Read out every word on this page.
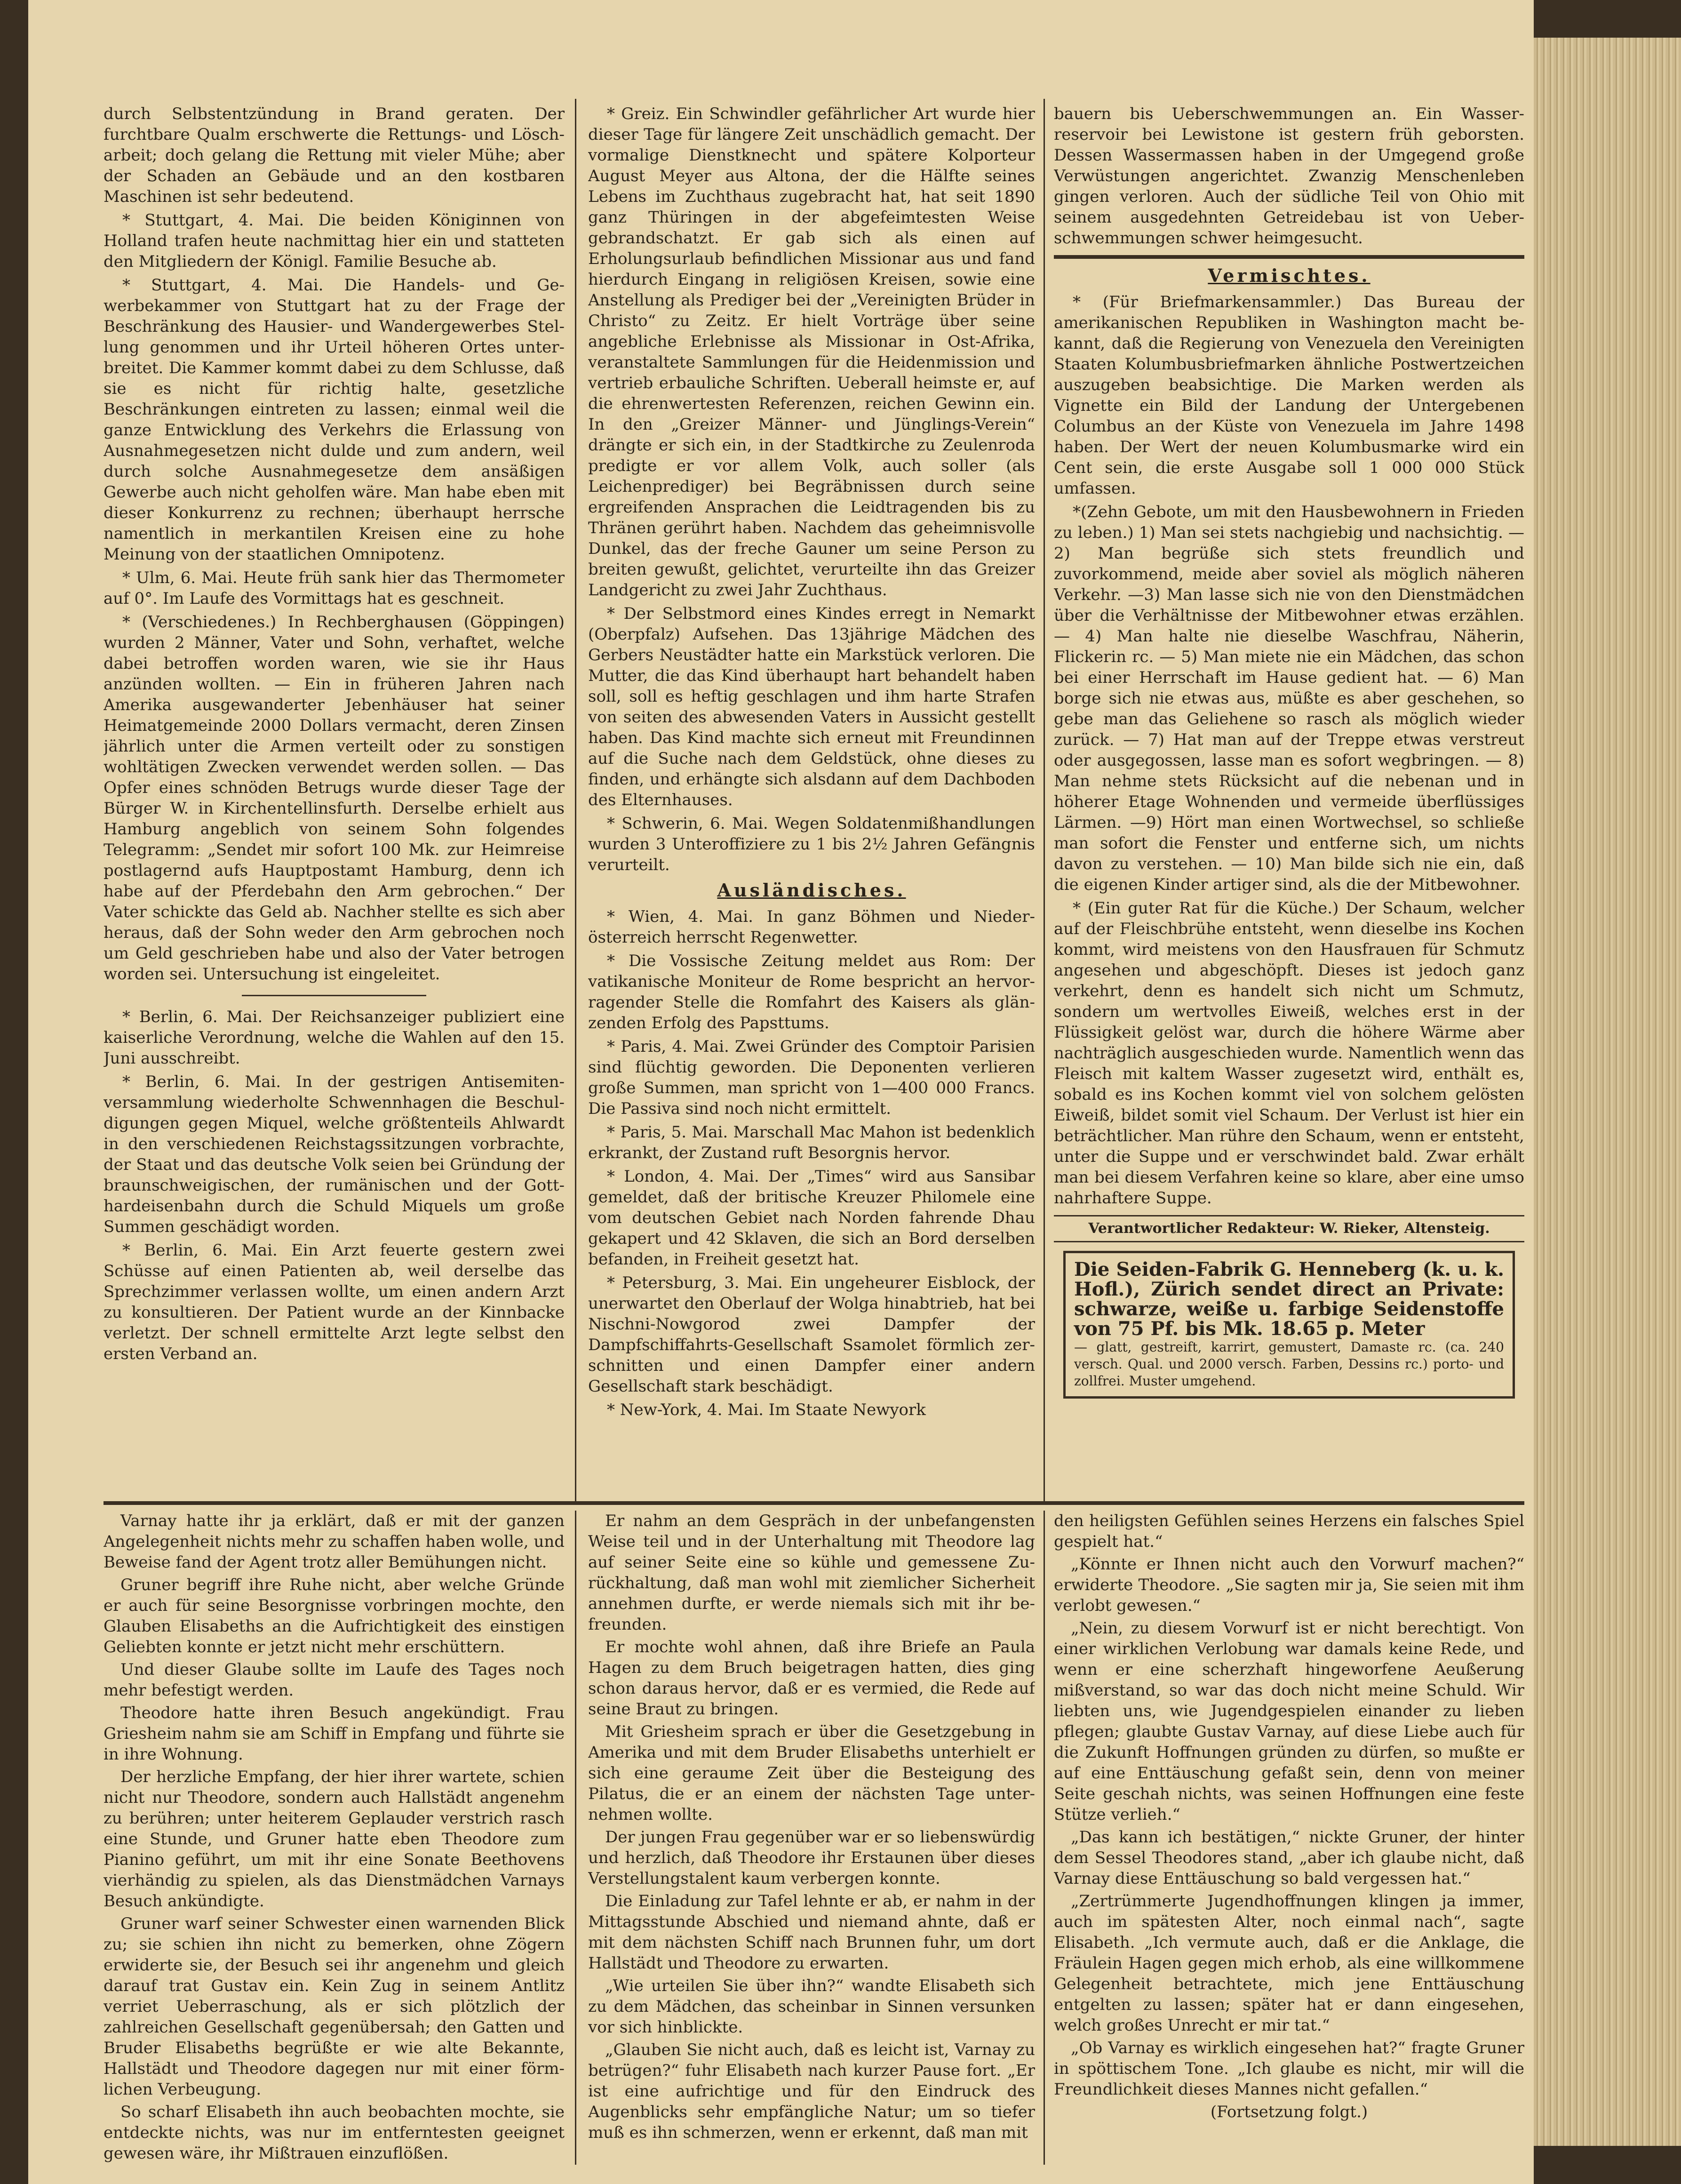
durch Selbstentzündung in Brand geraten. Der furchtbare Qualm erschwerte die Rettungs- und Löscharbeit; doch gelang die Rettung mit vieler Mühe; aber der Schaden an Gebäude und an den kostbaren Maschinen ist sehr bedeutend.

* Stuttgart, 4. Mai. Die beiden Königinnen von Holland trafen heute nachmittag hier ein und statteten den Mitgliedern der Königl. Familie Besuche ab.

* Stuttgart, 4. Mai. Die Handels- und Gewerbekammer von Stuttgart hat zu der Frage der Beschränkung des Hausier- und Wandergewerbes Stellung genommen und ihr Urteil höheren Ortes unterbreitet. Die Kammer kommt dabei zu dem Schlusse, daß sie es nicht für richtig halte, gesetzliche Beschränkungen eintreten zu lassen; einmal weil die ganze Entwicklung des Verkehrs die Erlassung von Ausnahmegesetzen nicht dulde und zum andern, weil durch solche Ausnahmegesetze dem ansäßigen Gewerbe auch nicht geholfen wäre. Man habe eben mit dieser Konkurrenz zu rechnen; überhaupt herrsche namentlich in merkantilen Kreisen eine zu hohe Meinung von der staatlichen Omnipotenz.

* Ulm, 6. Mai. Heute früh sank hier das Thermometer auf 0°. Im Laufe des Vormittags hat es geschneit.

* (Verschiedenes.) In Rechberghausen (Göppingen) wurden 2 Männer, Vater und Sohn, verhaftet, welche dabei betroffen worden waren, wie sie ihr Haus anzünden wollten. — Ein in früheren Jahren nach Amerika ausgewanderter Jebenhäuser hat seiner Heimatgemeinde 2000 Dollars vermacht, deren Zinsen jährlich unter die Armen verteilt oder zu sonstigen wohltätigen Zwecken verwendet werden sollen. — Das Opfer eines schnöden Betrugs wurde dieser Tage der Bürger W. in Kirchentellinsfurth. Derselbe erhielt aus Hamburg angeblich von seinem Sohn folgendes Telegramm: „Sendet mir sofort 100 Mk. zur Heimreise postlagernd aufs Hauptpostamt Hamburg, denn ich habe auf der Pferdebahn den Arm gebrochen.“ Der Vater schickte das Geld ab. Nachher stellte es sich aber heraus, daß der Sohn weder den Arm gebrochen noch um Geld geschrieben habe und also der Vater betrogen worden sei. Untersuchung ist eingeleitet.

* Berlin, 6. Mai. Der Reichsanzeiger publiziert eine kaiserliche Verordnung, welche die Wahlen auf den 15. Juni ausschreibt.

* Berlin, 6. Mai. In der gestrigen Antisemitenversammlung wiederholte Schwennhagen die Beschuldigungen gegen Miquel, welche größtenteils Ahlwardt in den verschiedenen Reichstagssitzungen vorbrachte, der Staat und das deutsche Volk seien bei Gründung der braunschweigischen, der rumänischen und der Gotthardeisenbahn durch die Schuld Miquels um große Summen geschädigt worden.

* Berlin, 6. Mai. Ein Arzt feuerte gestern zwei Schüsse auf einen Patienten ab, weil derselbe das Sprechzimmer verlassen wollte, um einen andern Arzt zu konsultieren. Der Patient wurde an der Kinnbacke verletzt. Der schnell ermittelte Arzt legte selbst den ersten Verband an.

* Greiz. Ein Schwindler gefährlicher Art wurde hier dieser Tage für längere Zeit unschädlich gemacht. Der vormalige Dienstknecht und spätere Kolporteur August Meyer aus Altona, der die Hälfte seines Lebens im Zuchthaus zugebracht hat, hat seit 1890 ganz Thüringen in der abgefeimtesten Weise gebrandschatzt. Er gab sich als einen auf Erholungsurlaub befindlichen Missionar aus und fand hierdurch Eingang in religiösen Kreisen, sowie eine Anstellung als Prediger bei der „Vereinigten Brüder in Christo“ zu Zeitz. Er hielt Vorträge über seine angebliche Erlebnisse als Missionar in Ost-Afrika, veranstaltete Sammlungen für die Heidenmission und vertrieb erbauliche Schriften. Ueberall heimste er, auf die ehrenwertesten Referenzen, reichen Gewinn ein. In den „Greizer Männer- und Jünglings-Verein“ drängte er sich ein, in der Stadtkirche zu Zeulenroda predigte er vor allem Volk, auch soller (als Leichenprediger) bei Begräbnissen durch seine ergreifenden Ansprachen die Leidtragenden bis zu Thränen gerührt haben. Nachdem das geheimnisvolle Dunkel, das der freche Gauner um seine Person zu breiten gewußt, gelichtet, verurteilte ihn das Greizer Landgericht zu zwei Jahr Zuchthaus.

* Der Selbstmord eines Kindes erregt in Nemarkt (Oberpfalz) Aufsehen. Das 13jährige Mädchen des Gerbers Neustädter hatte ein Markstück verloren. Die Mutter, die das Kind überhaupt hart behandelt haben soll, soll es heftig geschlagen und ihm harte Strafen von seiten des abwesenden Vaters in Aussicht gestellt haben. Das Kind machte sich erneut mit Freundinnen auf die Suche nach dem Geldstück, ohne dieses zu finden, und erhängte sich alsdann auf dem Dachboden des Elternhauses.

* Schwerin, 6. Mai. Wegen Soldatenmißhandlungen wurden 3 Unteroffiziere zu 1 bis 2½ Jahren Gefängnis verurteilt.

Ausländisches.

* Wien, 4. Mai. In ganz Böhmen und Niederösterreich herrscht Regenwetter.

* Die Vossische Zeitung meldet aus Rom: Der vatikanische Moniteur de Rome bespricht an hervorragender Stelle die Romfahrt des Kaisers als glänzenden Erfolg des Papsttums.

* Paris, 4. Mai. Zwei Gründer des Comptoir Parisien sind flüchtig geworden. Die Deponenten verlieren große Summen, man spricht von 1—400 000 Francs. Die Passiva sind noch nicht ermittelt.

* Paris, 5. Mai. Marschall Mac Mahon ist bedenklich erkrankt, der Zustand ruft Besorgnis hervor.

* London, 4. Mai. Der „Times“ wird aus Sansibar gemeldet, daß der britische Kreuzer Philomele eine vom deutschen Gebiet nach Norden fahrende Dhau gekapert und 42 Sklaven, die sich an Bord derselben befanden, in Freiheit gesetzt hat.

* Petersburg, 3. Mai. Ein ungeheurer Eisblock, der unerwartet den Oberlauf der Wolga hinabtrieb, hat bei Nischni-Nowgorod zwei Dampfer der Dampfschiffahrts-Gesellschaft Ssamolet förmlich zerschnitten und einen Dampfer einer andern Gesellschaft stark beschädigt.

* New-York, 4. Mai. Im Staate Newyork

bauern bis Ueberschwemmungen an. Ein Wasserreservoir bei Lewistone ist gestern früh geborsten. Dessen Wassermassen haben in der Umgegend große Verwüstungen angerichtet. Zwanzig Menschenleben gingen verloren. Auch der südliche Teil von Ohio mit seinem ausgedehnten Getreidebau ist von Ueberschwemmungen schwer heimgesucht.

Vermischtes.

* (Für Briefmarkensammler.) Das Bureau der amerikanischen Republiken in Washington macht bekannt, daß die Regierung von Venezuela den Vereinigten Staaten Kolumbusbriefmarken ähnliche Postwertzeichen auszugeben beabsichtige. Die Marken werden als Vignette ein Bild der Landung der Untergebenen Columbus an der Küste von Venezuela im Jahre 1498 haben. Der Wert der neuen Kolumbusmarke wird ein Cent sein, die erste Ausgabe soll 1 000 000 Stück umfassen.

*(Zehn Gebote, um mit den Hausbewohnern in Frieden zu leben.) 1) Man sei stets nachgiebig und nachsichtig. — 2) Man begrüße sich stets freundlich und zuvorkommend, meide aber soviel als möglich näheren Verkehr. —3) Man lasse sich nie von den Dienstmädchen über die Verhältnisse der Mitbewohner etwas erzählen. — 4) Man halte nie dieselbe Waschfrau, Näherin, Flickerin rc. — 5) Man miete nie ein Mädchen, das schon bei einer Herrschaft im Hause gedient hat. — 6) Man borge sich nie etwas aus, müßte es aber geschehen, so gebe man das Geliehene so rasch als möglich wieder zurück. — 7) Hat man auf der Treppe etwas verstreut oder ausgegossen, lasse man es sofort wegbringen. — 8) Man nehme stets Rücksicht auf die nebenan und in höherer Etage Wohnenden und vermeide überflüssiges Lärmen. —9) Hört man einen Wortwechsel, so schließe man sofort die Fenster und entferne sich, um nichts davon zu verstehen. — 10) Man bilde sich nie ein, daß die eigenen Kinder artiger sind, als die der Mitbewohner.

* (Ein guter Rat für die Küche.) Der Schaum, welcher auf der Fleischbrühe entsteht, wenn dieselbe ins Kochen kommt, wird meistens von den Hausfrauen für Schmutz angesehen und abgeschöpft. Dieses ist jedoch ganz verkehrt, denn es handelt sich nicht um Schmutz, sondern um wertvolles Eiweiß, welches erst in der Flüssigkeit gelöst war, durch die höhere Wärme aber nachträglich ausgeschieden wurde. Namentlich wenn das Fleisch mit kaltem Wasser zugesetzt wird, enthält es, sobald es ins Kochen kommt viel von solchem gelösten Eiweiß, bildet somit viel Schaum. Der Verlust ist hier ein beträchtlicher. Man rühre den Schaum, wenn er entsteht, unter die Suppe und er verschwindet bald. Zwar erhält man bei diesem Verfahren keine so klare, aber eine umso nahrhaftere Suppe.

Verantwortlicher Redakteur: W. Rieker, Altensteig.
Die Seiden-Fabrik G. Henneberg (k. u. k. Hofl.), Zürich sendet direct an Private: schwarze, weiße u. farbige Seidenstoffe von 75 Pf. bis Mk. 18.65 p. Meter
— glatt, gestreift, karrirt, gemustert, Damaste rc. (ca. 240 versch. Qual. und 2000 versch. Farben, Dessins rc.) porto- und zollfrei. Muster umgehend.

Varnay hatte ihr ja erklärt, daß er mit der ganzen Angelegenheit nichts mehr zu schaffen haben wolle, und Beweise fand der Agent trotz aller Bemühungen nicht.

Gruner begriff ihre Ruhe nicht, aber welche Gründe er auch für seine Besorgnisse vorbringen mochte, den Glauben Elisabeths an die Aufrichtigkeit des einstigen Geliebten konnte er jetzt nicht mehr erschüttern.

Und dieser Glaube sollte im Laufe des Tages noch mehr befestigt werden.

Theodore hatte ihren Besuch angekündigt. Frau Griesheim nahm sie am Schiff in Empfang und führte sie in ihre Wohnung.

Der herzliche Empfang, der hier ihrer wartete, schien nicht nur Theodore, sondern auch Hallstädt angenehm zu berühren; unter heiterem Geplauder verstrich rasch eine Stunde, und Gruner hatte eben Theodore zum Pianino geführt, um mit ihr eine Sonate Beethovens vierhändig zu spielen, als das Dienstmädchen Varnays Besuch ankündigte.

Gruner warf seiner Schwester einen warnenden Blick zu; sie schien ihn nicht zu bemerken, ohne Zögern erwiderte sie, der Besuch sei ihr angenehm und gleich darauf trat Gustav ein. Kein Zug in seinem Antlitz verriet Ueberraschung, als er sich plötzlich der zahlreichen Gesellschaft gegenübersah; den Gatten und Bruder Elisabeths begrüßte er wie alte Bekannte, Hallstädt und Theodore dagegen nur mit einer förmlichen Verbeugung.

So scharf Elisabeth ihn auch beobachten mochte, sie entdeckte nichts, was nur im entferntesten geeignet gewesen wäre, ihr Mißtrauen einzuflößen.

Er nahm an dem Gespräch in der unbefangensten Weise teil und in der Unterhaltung mit Theodore lag auf seiner Seite eine so kühle und gemessene Zurückhaltung, daß man wohl mit ziemlicher Sicherheit annehmen durfte, er werde niemals sich mit ihr befreunden.

Er mochte wohl ahnen, daß ihre Briefe an Paula Hagen zu dem Bruch beigetragen hatten, dies ging schon daraus hervor, daß er es vermied, die Rede auf seine Braut zu bringen.

Mit Griesheim sprach er über die Gesetzgebung in Amerika und mit dem Bruder Elisabeths unterhielt er sich eine geraume Zeit über die Besteigung des Pilatus, die er an einem der nächsten Tage unternehmen wollte.

Der jungen Frau gegenüber war er so liebenswürdig und herzlich, daß Theodore ihr Erstaunen über dieses Verstellungstalent kaum verbergen konnte.

Die Einladung zur Tafel lehnte er ab, er nahm in der Mittagsstunde Abschied und niemand ahnte, daß er mit dem nächsten Schiff nach Brunnen fuhr, um dort Hallstädt und Theodore zu erwarten.

„Wie urteilen Sie über ihn?“ wandte Elisabeth sich zu dem Mädchen, das scheinbar in Sinnen versunken vor sich hinblickte.

„Glauben Sie nicht auch, daß es leicht ist, Varnay zu betrügen?“ fuhr Elisabeth nach kurzer Pause fort. „Er ist eine aufrichtige und für den Eindruck des Augenblicks sehr empfängliche Natur; um so tiefer muß es ihn schmerzen, wenn er erkennt, daß man mit

den heiligsten Gefühlen seines Herzens ein falsches Spiel gespielt hat.“

„Könnte er Ihnen nicht auch den Vorwurf machen?“ erwiderte Theodore. „Sie sagten mir ja, Sie seien mit ihm verlobt gewesen.“

„Nein, zu diesem Vorwurf ist er nicht berechtigt. Von einer wirklichen Verlobung war damals keine Rede, und wenn er eine scherzhaft hingeworfene Aeußerung mißverstand, so war das doch nicht meine Schuld. Wir liebten uns, wie Jugendgespielen einander zu lieben pflegen; glaubte Gustav Varnay, auf diese Liebe auch für die Zukunft Hoffnungen gründen zu dürfen, so mußte er auf eine Enttäuschung gefaßt sein, denn von meiner Seite geschah nichts, was seinen Hoffnungen eine feste Stütze verlieh.“

„Das kann ich bestätigen,“ nickte Gruner, der hinter dem Sessel Theodores stand, „aber ich glaube nicht, daß Varnay diese Enttäuschung so bald vergessen hat.“

„Zertrümmerte Jugendhoffnungen klingen ja immer, auch im spätesten Alter, noch einmal nach“, sagte Elisabeth. „Ich vermute auch, daß er die Anklage, die Fräulein Hagen gegen mich erhob, als eine willkommene Gelegenheit betrachtete, mich jene Enttäuschung entgelten zu lassen; später hat er dann eingesehen, welch großes Unrecht er mir tat.“

„Ob Varnay es wirklich eingesehen hat?“ fragte Gruner in spöttischem Tone. „Ich glaube es nicht, mir will die Freundlichkeit dieses Mannes nicht gefallen.“

(Fortsetzung folgt.)
